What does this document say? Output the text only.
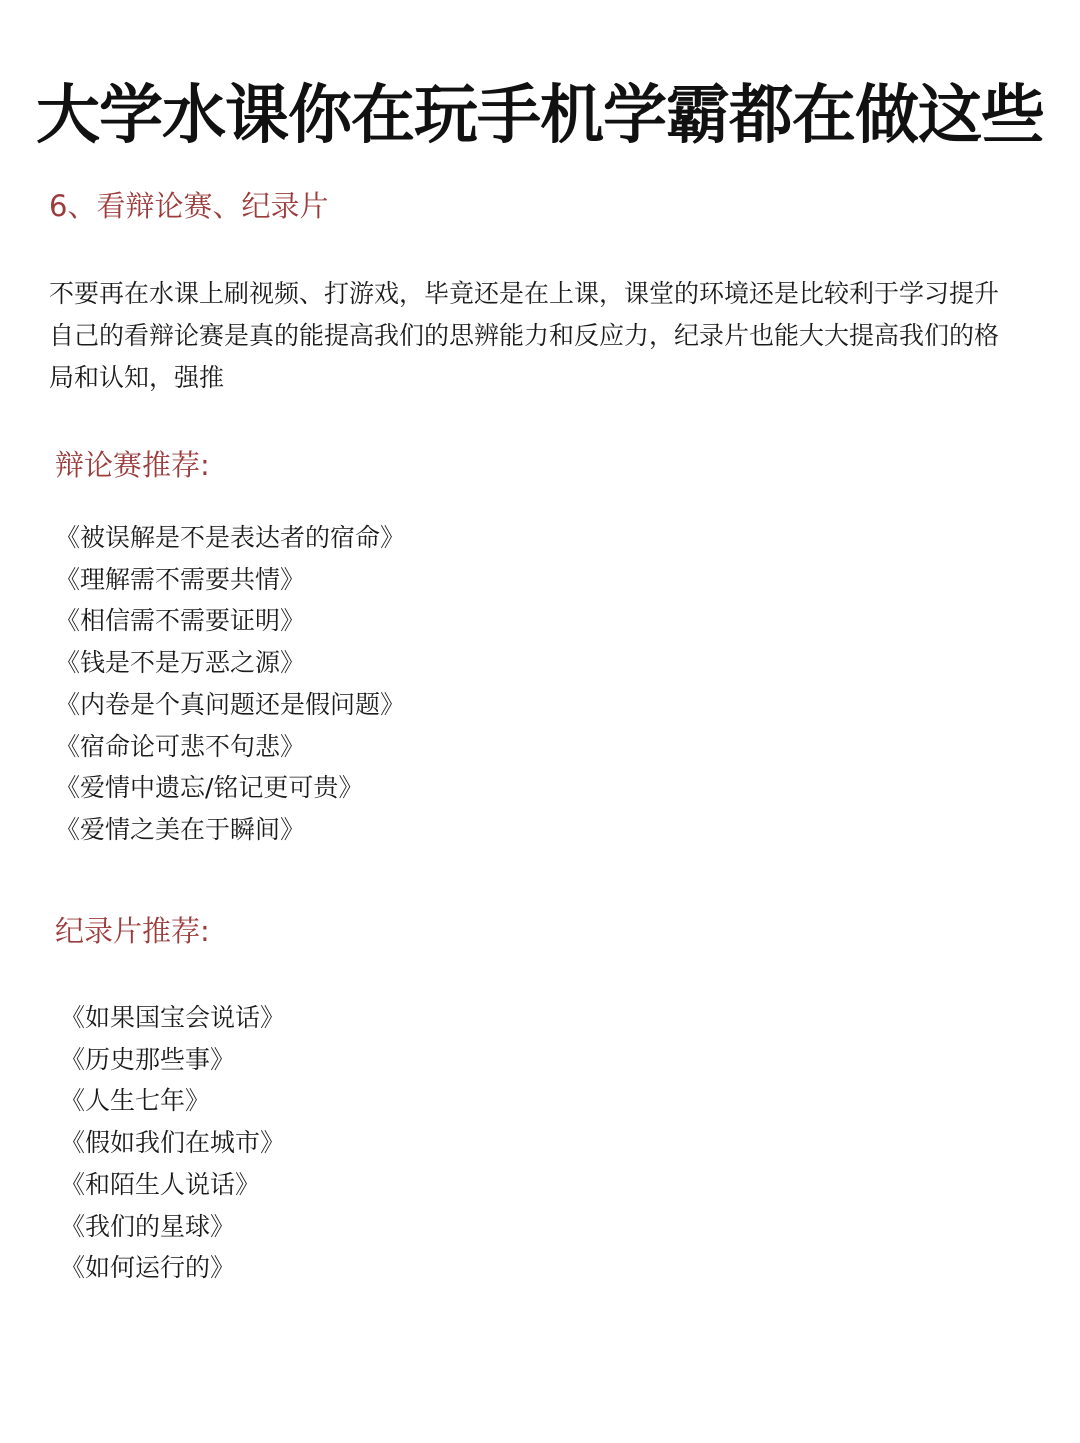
大学水课你在玩手机学霸都在做这些
6、看辩论赛、纪录片

不要再在水课上刷视频、打游戏，毕竟还是在上课，课堂的环境还是比较利于学习提升自己的看辩论赛是真的能提高我们的思辨能力和反应力，纪录片也能大大提高我们的格局和认知，强推

辩论赛推荐:
《被误解是不是表达者的宿命》
《理解需不需要共情》
《相信需不需要证明》
《钱是不是万恶之源》
《内卷是个真问题还是假问题》
《宿命论可悲不句悲》
《爱情中遗忘/铭记更可贵》
《爱情之美在于瞬间》
纪录片推荐:
《如果国宝会说话》
《历史那些事》
《人生七年》
《假如我们在城市》
《和陌生人说话》
《我们的星球》
《如何运行的》
